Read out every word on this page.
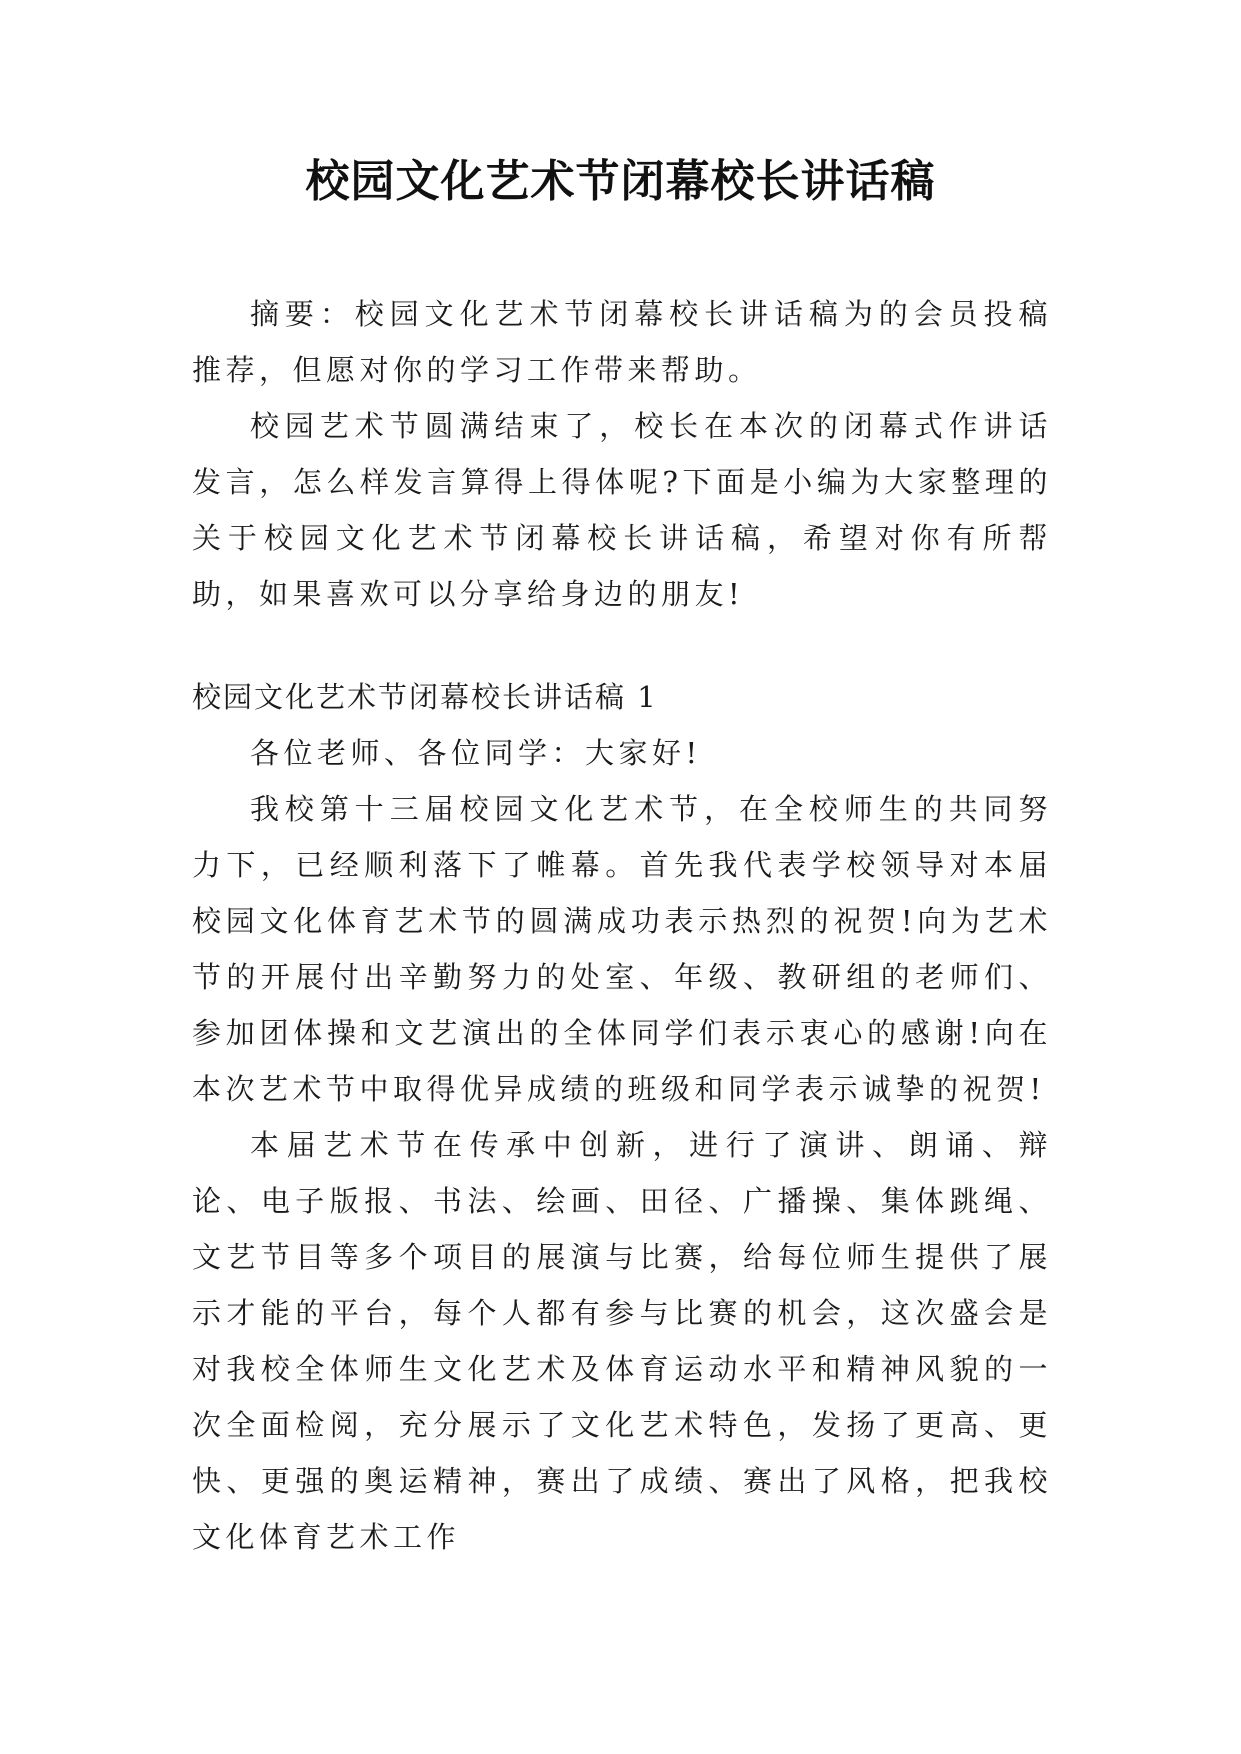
校园文化艺术节闭幕校长讲话稿

摘要：校园文化艺术节闭幕校长讲话稿为的会员投稿推荐，但愿对你的学习工作带来帮助。

校园艺术节圆满结束了，校长在本次的闭幕式作讲话发言，怎么样发言算得上得体呢?下面是小编为大家整理的关于校园文化艺术节闭幕校长讲话稿，希望对你有所帮助，如果喜欢可以分享给身边的朋友!

校园文化艺术节闭幕校长讲话稿 1

各位老师、各位同学：大家好!

我校第十三届校园文化艺术节，在全校师生的共同努力下，已经顺利落下了帷幕。首先我代表学校领导对本届校园文化体育艺术节的圆满成功表示热烈的祝贺!向为艺术节的开展付出辛勤努力的处室、年级、教研组的老师们、参加团体操和文艺演出的全体同学们表示衷心的感谢!向在本次艺术节中取得优异成绩的班级和同学表示诚挚的祝贺!

本届艺术节在传承中创新，进行了演讲、朗诵、辩论、电子版报、书法、绘画、田径、广播操、集体跳绳、文艺节目等多个项目的展演与比赛，给每位师生提供了展示才能的平台，每个人都有参与比赛的机会，这次盛会是对我校全体师生文化艺术及体育运动水平和精神风貌的一次全面检阅，充分展示了文化艺术特色，发扬了更高、更快、更强的奥运精神，赛出了成绩、赛出了风格，把我校文化体育艺术工作
